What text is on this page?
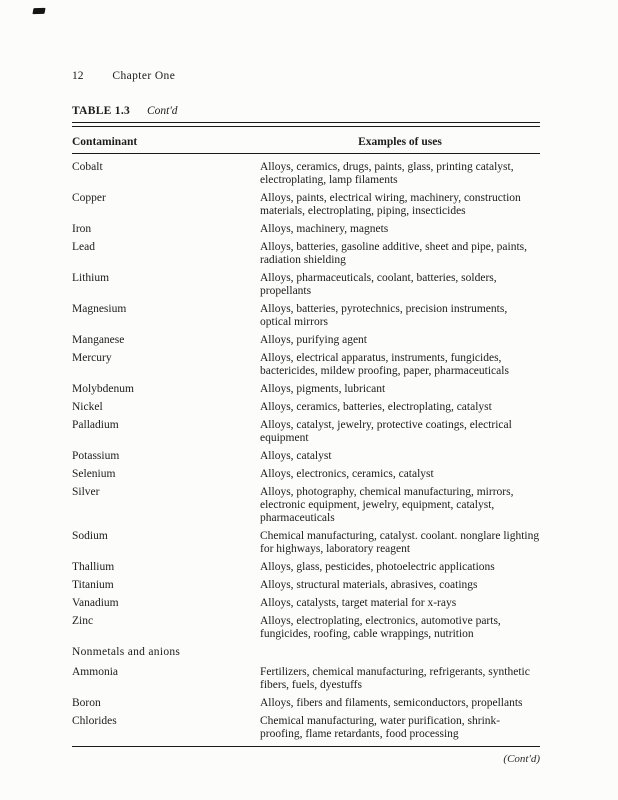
12	Chapter One
TABLE 1.3 Cont'd
Contaminant	Examples of uses
Cobalt	Alloys, ceramics, drugs, paints, glass, printing catalyst, electroplating, lamp filaments
Copper	Alloys, paints, electrical wiring, machinery, construction materials, electroplating, piping, insecticides
Iron	Alloys, machinery, magnets
Lead	Alloys, batteries, gasoline additive, sheet and pipe, paints, radiation shielding
Lithium	Alloys, pharmaceuticals, coolant, batteries, solders, propellants
Magnesium	Alloys, batteries, pyrotechnics, precision instruments, optical mirrors
Manganese	Alloys, purifying agent
Mercury	Alloys, electrical apparatus, instruments, fungicides, bactericides, mildew proofing, paper, pharmaceuticals
Molybdenum	Alloys, pigments, lubricant
Nickel	Alloys, ceramics, batteries, electroplating, catalyst
Palladium	Alloys, catalyst, jewelry, protective coatings, electrical equipment
Potassium	Alloys, catalyst
Selenium	Alloys, electronics, ceramics, catalyst
Silver	Alloys, photography, chemical manufacturing, mirrors, electronic equipment, jewelry, equipment, catalyst, pharmaceuticals
Sodium	Chemical manufacturing, catalyst. coolant. nonglare lighting for highways, laboratory reagent
Thallium	Alloys, glass, pesticides, photoelectric applications
Titanium	Alloys, structural materials, abrasives, coatings
Vanadium	Alloys, catalysts, target material for x-rays
Zinc	Alloys, electroplating, electronics, automotive parts, fungicides, roofing, cable wrappings, nutrition
Nonmetals and anions
Ammonia	Fertilizers, chemical manufacturing, refrigerants, synthetic fibers, fuels, dyestuffs
Boron	Alloys, fibers and filaments, semiconductors, propellants
Chlorides	Chemical manufacturing, water purification, shrink-proofing, flame retardants, food processing
(Cont'd)
